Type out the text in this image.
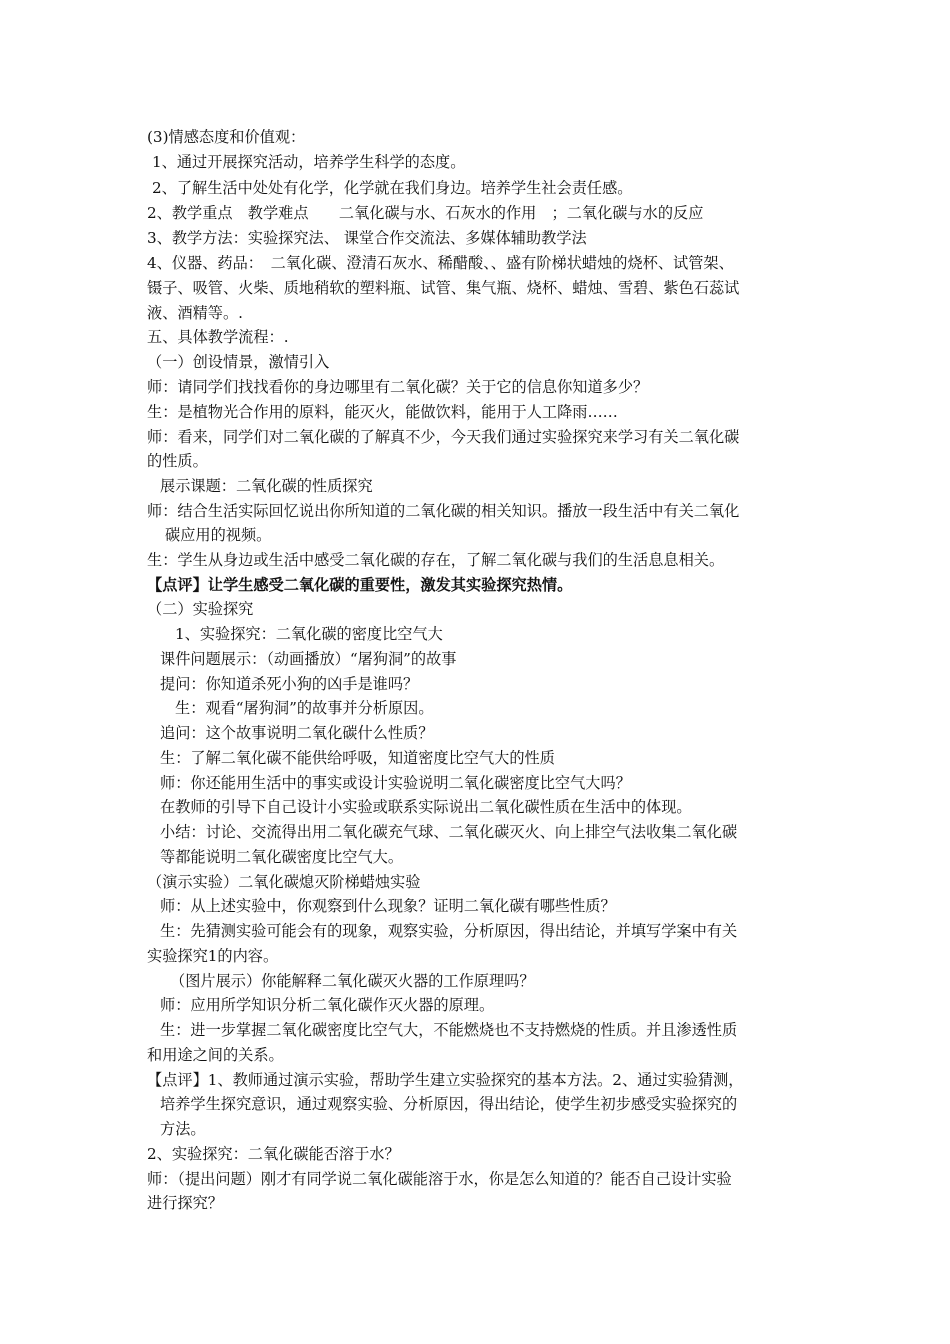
(3)情感态度和价值观：
1、通过开展探究活动，培养学生科学的态度。
2、了解生活中处处有化学，化学就在我们身边。培养学生社会责任感。
2、教学重点　教学难点　　二氧化碳与水、石灰水的作用　；二氧化碳与水的反应
3、教学方法：实验探究法、 课堂合作交流法、多媒体辅助教学法
4、仪器、药品：　二氧化碳、澄清石灰水、稀醋酸、、盛有阶梯状蜡烛的烧杯、试管架、
镊子、吸管、火柴、质地稍软的塑料瓶、试管、集气瓶、烧杯、蜡烛、雪碧、紫色石蕊试
液、酒精等。.
五、具体教学流程：.
（一）创设情景，激情引入
师：请同学们找找看你的身边哪里有二氧化碳？关于它的信息你知道多少？
生：是植物光合作用的原料，能灭火，能做饮料，能用于人工降雨……
师：看来，同学们对二氧化碳的了解真不少，今天我们通过实验探究来学习有关二氧化碳
的性质。
展示课题：二氧化碳的性质探究
师：结合生活实际回忆说出你所知道的二氧化碳的相关知识。播放一段生活中有关二氧化
碳应用的视频。
生：学生从身边或生活中感受二氧化碳的存在，了解二氧化碳与我们的生活息息相关。
【点评】让学生感受二氧化碳的重要性，激发其实验探究热情。
（二）实验探究
1、实验探究：二氧化碳的密度比空气大
课件问题展示：（动画播放）“屠狗洞”的故事
提问：你知道杀死小狗的凶手是谁吗？
生：观看“屠狗洞”的故事并分析原因。
追问：这个故事说明二氧化碳什么性质？
生：了解二氧化碳不能供给呼吸，知道密度比空气大的性质
师：你还能用生活中的事实或设计实验说明二氧化碳密度比空气大吗？
在教师的引导下自己设计小实验或联系实际说出二氧化碳性质在生活中的体现。
小结：讨论、交流得出用二氧化碳充气球、二氧化碳灭火、向上排空气法收集二氧化碳
等都能说明二氧化碳密度比空气大。
（演示实验）二氧化碳熄灭阶梯蜡烛实验
师：从上述实验中，你观察到什么现象？证明二氧化碳有哪些性质？
生：先猜测实验可能会有的现象，观察实验，分析原因，得出结论，并填写学案中有关
实验探究1的内容。
（图片展示）你能解释二氧化碳灭火器的工作原理吗？
师：应用所学知识分析二氧化碳作灭火器的原理。
生：进一步掌握二氧化碳密度比空气大，不能燃烧也不支持燃烧的性质。并且渗透性质
和用途之间的关系。
【点评】1、教师通过演示实验，帮助学生建立实验探究的基本方法。2、通过实验猜测，
培养学生探究意识，通过观察实验、分析原因，得出结论，使学生初步感受实验探究的
方法。
2、实验探究：二氧化碳能否溶于水？
师：（提出问题）刚才有同学说二氧化碳能溶于水，你是怎么知道的？能否自己设计实验
进行探究？
